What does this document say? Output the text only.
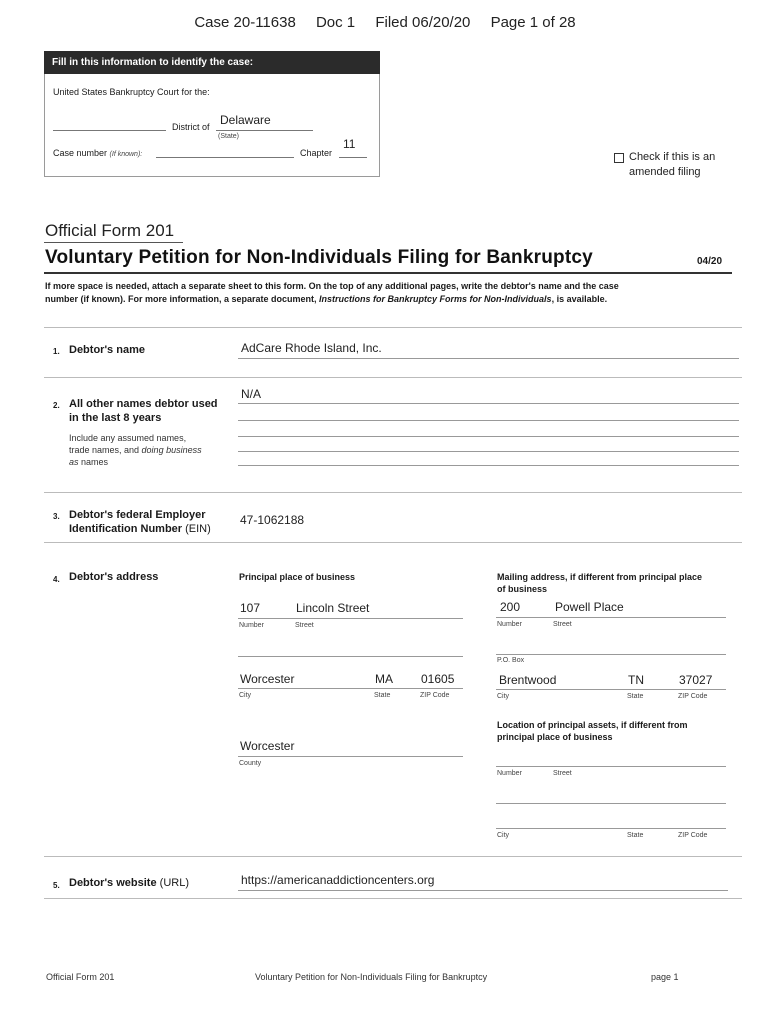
Case 20-11638 Doc 1 Filed 06/20/20 Page 1 of 28
Fill in this information to identify the case:
United States Bankruptcy Court for the:
District of Delaware
(State)
Case number (If known):	Chapter
11
Check if this is an
amended filing
Official Form 201
Voluntary Petition for Non-Individuals Filing for Bankruptcy	04/20
If more space is needed, attach a separate sheet to this form. On the top of any additional pages, write the debtor's name and the case
number (if known). For more information, a separate document, Instructions for Bankruptcy Forms for Non-Individuals, is available.
1. Debtor's name	AdCare Rhode Island, Inc.
2. All other names debtor used
in the last 8 years
Include any assumed names,
trade names, and doing business
as names
N/A
3. Debtor's federal Employer
Identification Number (EIN)
47-1062188
4. Debtor's address	Principal place of business	Mailing address, if different from principal place
of business
107	Lincoln Street
Number	Street
200	Powell Place
Number	Street
P.O. Box
Worcester	MA 01605
City	State	ZIP Code
Brentwood	TN	37027
City	State	ZIP Code
Location of principal assets, if different from
principal place of business
Worcester
County
Number	Street
City	State	ZIP Code
5. Debtor's website (URL)	https://americanaddictioncenters.org
Official Form 201	Voluntary Petition for Non-Individuals Filing for Bankruptcy	page 1
